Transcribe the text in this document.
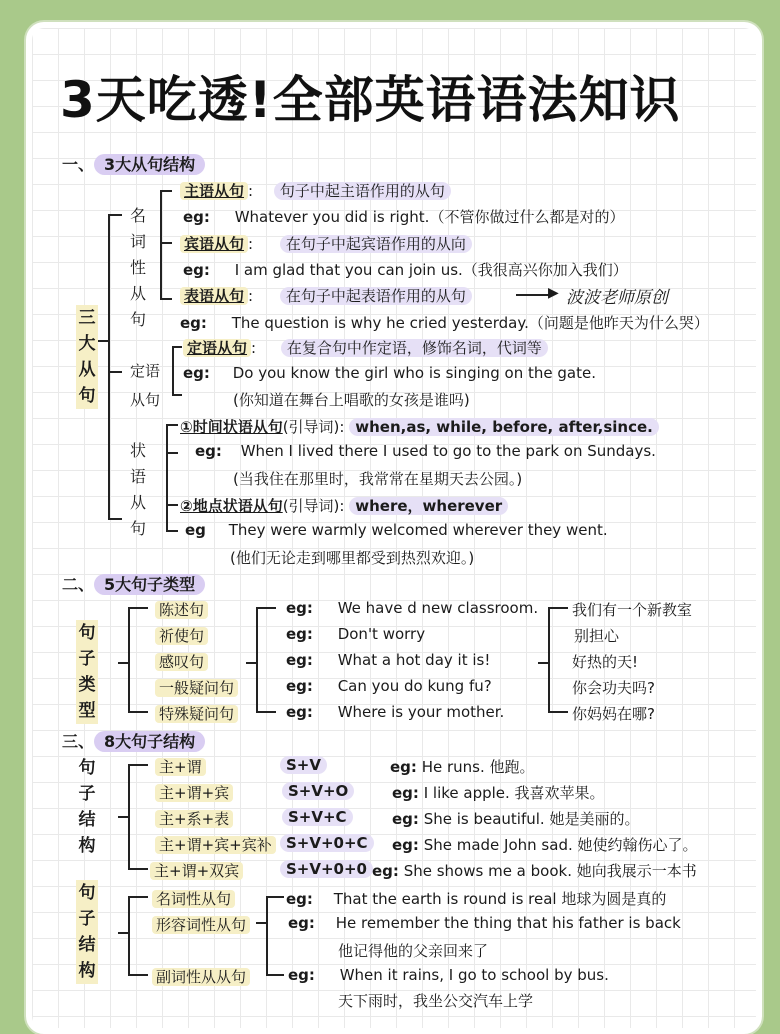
3天吃透!全部英语语法知识
一、 3大从句结构
三
大
从
句
名
词
性
从
句
主语从句 : 句子中起主语作用的从句
eg: Whatever you did is right.（不管你做过什么都是对的）
宾语从句 : 在句子中起宾语作用的从向
eg: I am glad that you can join us.（我很高兴你加入我们）
表语从句 : 在句子中起表语作用的从句	▶ 波波老师原创
eg: The question is why he cried yesterday.（问题是他昨天为什么哭）
定语
从句
定语从句 : 在复合句中作定语，修饰名词，代词等
eg: Do you know the girl who is singing on the gate.
(你知道在舞台上唱歌的女孩是谁吗)
状
语
从
句
①时间状语从句(引导词): when,as, while, before, after,since.
eg: When I lived there I used to go to the park on Sundays.
(当我住在那里时，我常常在星期天去公园。)
②地点状语从句(引导词): where，wherever
eg They were warmly welcomed wherever they went.
(他们无论走到哪里都受到热烈欢迎。)
二、 5大句子类型
句
子
类
型
陈述句	eg: We have d new classroom. 我们有一个新教室
祈使句	eg: Don't worry	别担心
感叹句	eg: What a hot day it is!	好热的天!
一般疑问句	eg: Can you do kung fu?	你会功夫吗?
特殊疑问句	eg: Where is your mother.	你妈妈在哪?
三、 8大句子结构
句
子
结
构
主+谓	S+V	eg: He runs. 他跑。
主+谓+宾	S+V+O	eg: I like apple. 我喜欢苹果。
主+系+表	S+V+C	eg: She is beautiful. 她是美丽的。
主+谓+宾+宾补 S+V+0+C	eg: She made John sad. 她使约翰伤心了。
主+谓+双宾	S+V+0+0 eg: She shows me a book. 她向我展示一本书
句
子
结
构
名词性从句	eg: That the earth is round is real 地球为圆是真的
形容词性从句	eg: He remember the thing that his father is back
他记得他的父亲回来了
副词性从从句	eg: When it rains, I go to school by bus.
天下雨时，我坐公交汽车上学
